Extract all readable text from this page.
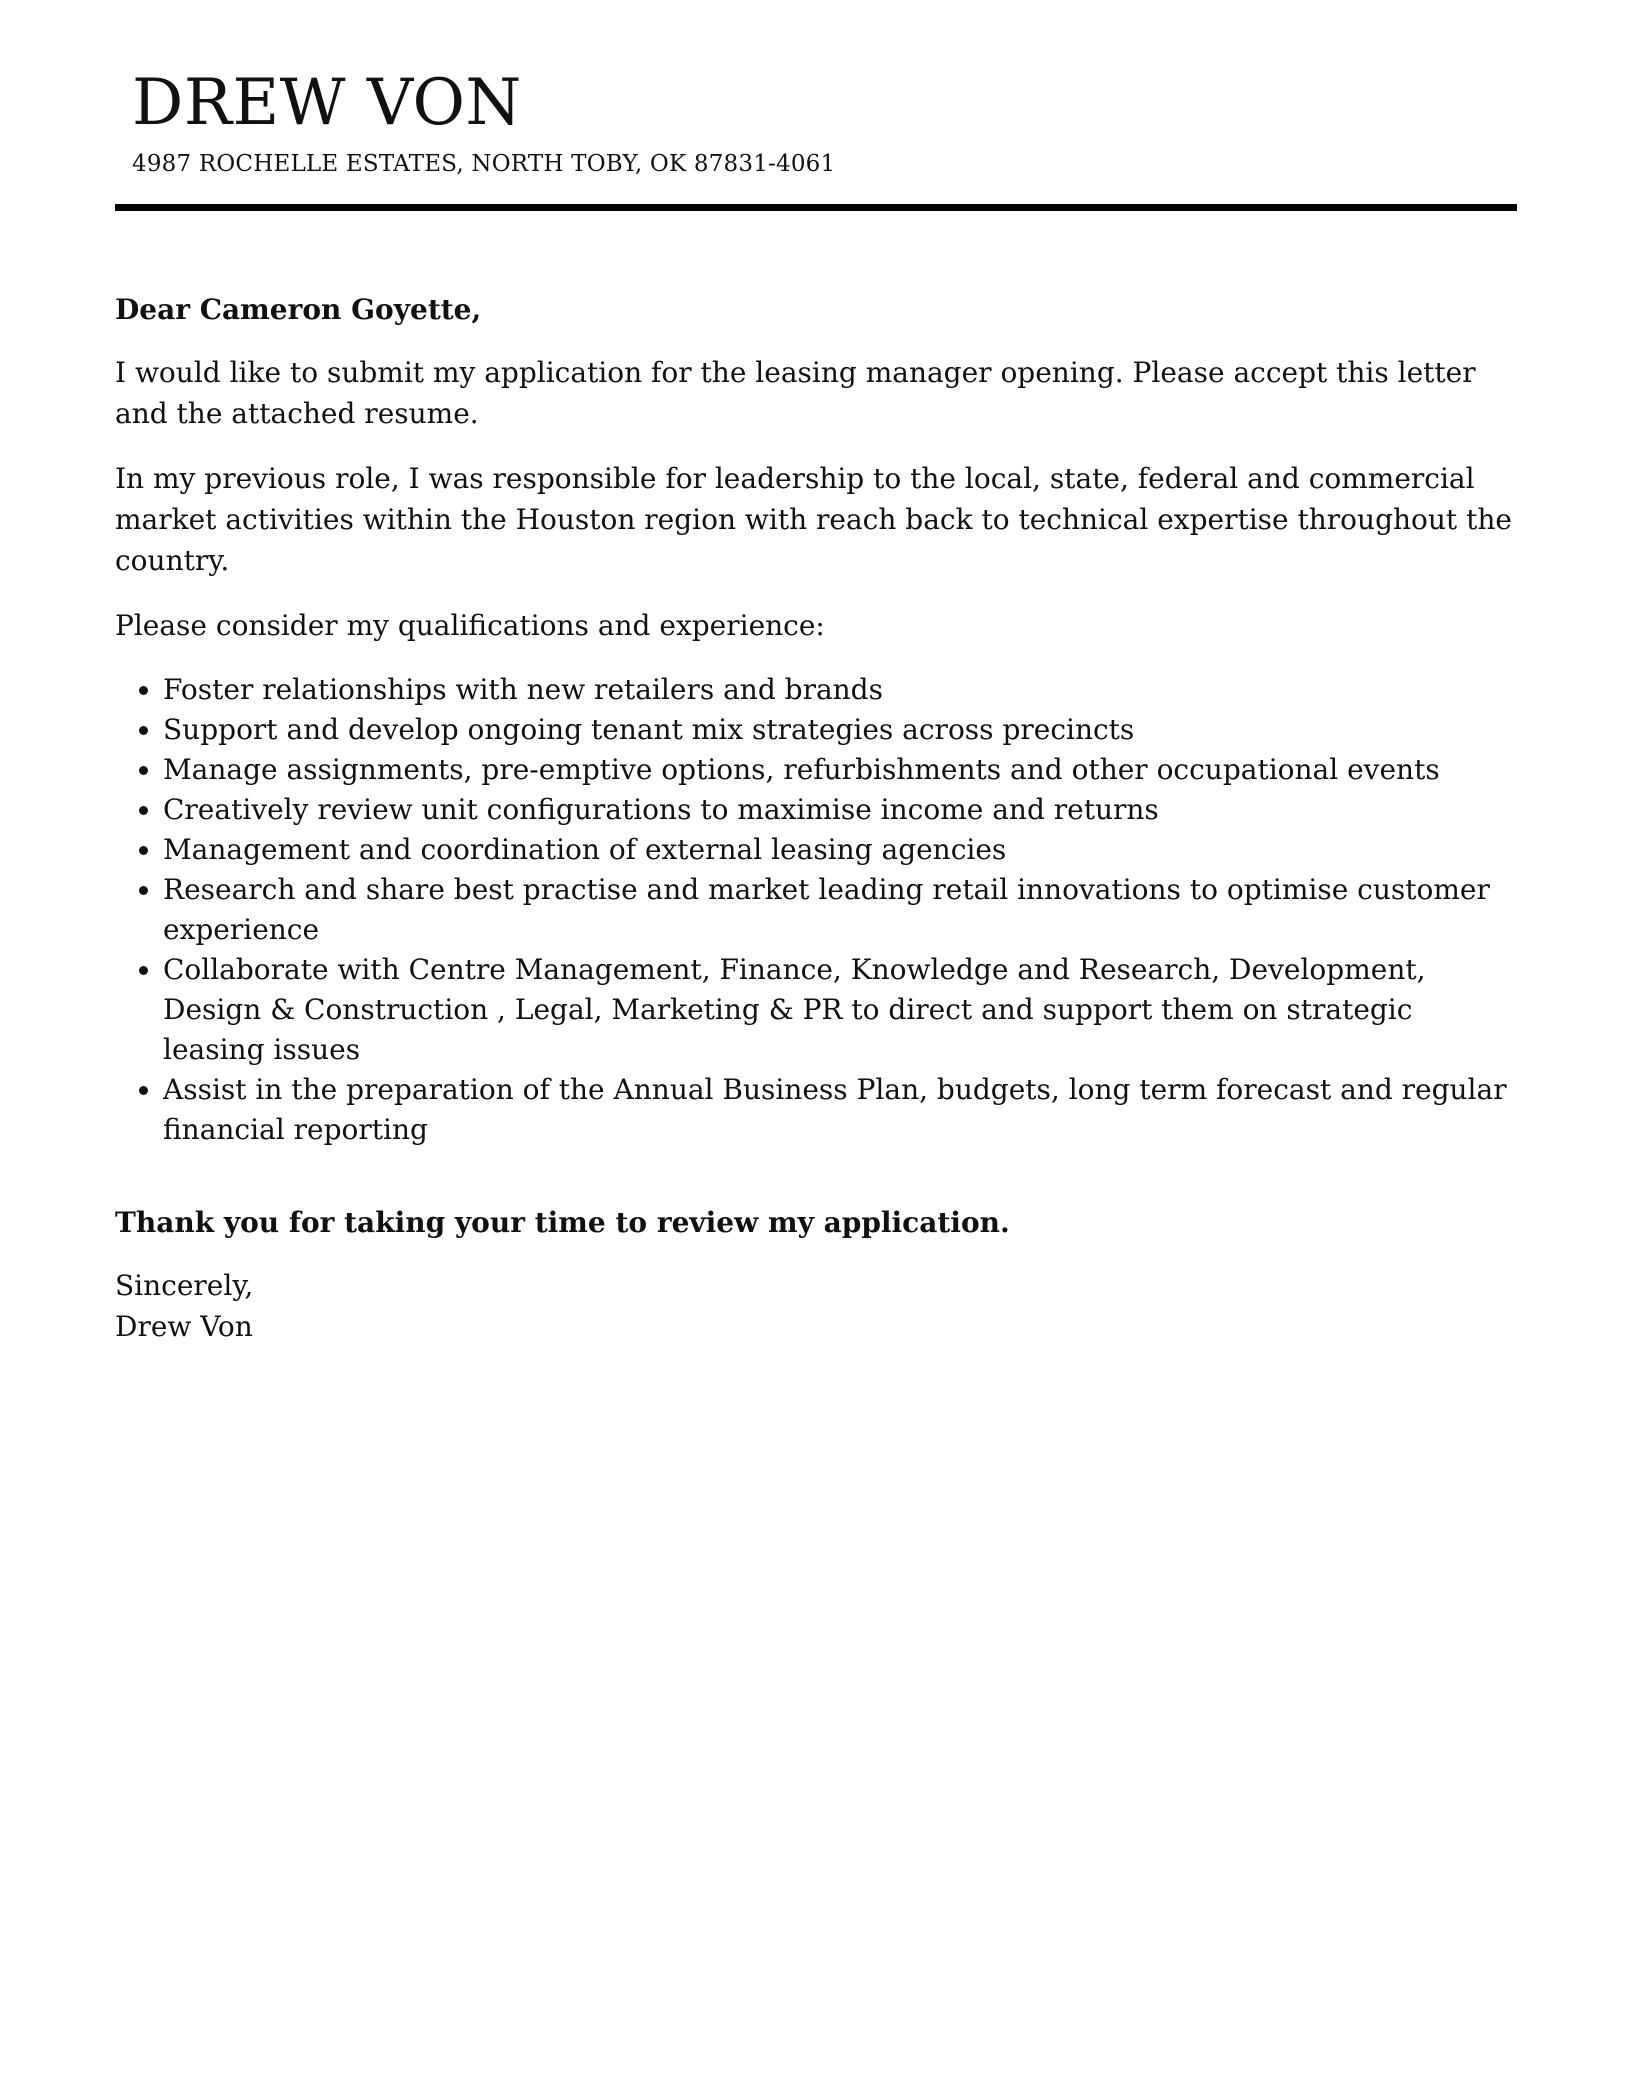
DREW VON
4987 ROCHELLE ESTATES, NORTH TOBY, OK 87831-4061

Dear Cameron Goyette,

I would like to submit my application for the leasing manager opening. Please accept this letter and the attached resume.

In my previous role, I was responsible for leadership to the local, state, federal and commercial market activities within the Houston region with reach back to technical expertise throughout the country.

Please consider my qualifications and experience:

• Foster relationships with new retailers and brands
• Support and develop ongoing tenant mix strategies across precincts
• Manage assignments, pre-emptive options, refurbishments and other occupational events
• Creatively review unit configurations to maximise income and returns
• Management and coordination of external leasing agencies
• Research and share best practise and market leading retail innovations to optimise customer experience
• Collaborate with Centre Management, Finance, Knowledge and Research, Development, Design & Construction , Legal, Marketing & PR to direct and support them on strategic leasing issues
• Assist in the preparation of the Annual Business Plan, budgets, long term forecast and regular financial reporting

Thank you for taking your time to review my application.

Sincerely,

Drew Von
